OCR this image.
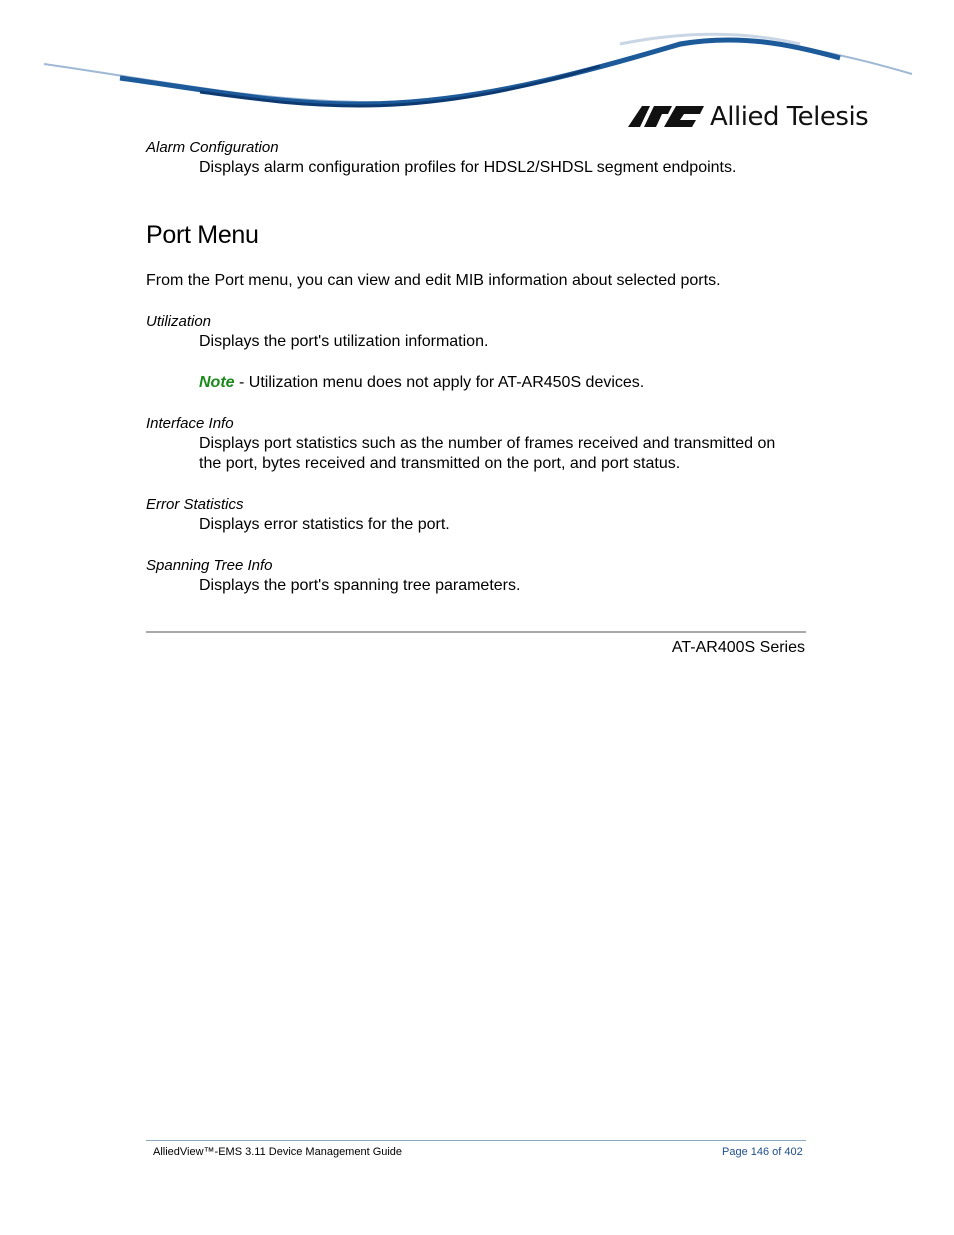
Allied Telesis
Alarm Configuration
Displays alarm configuration profiles for HDSL2/SHDSL segment endpoints.
Port Menu
From the Port menu, you can view and edit MIB information about selected ports.
Utilization
Displays the port's utilization information.
Note - Utilization menu does not apply for AT-AR450S devices.
Interface Info
Displays port statistics such as the number of frames received and transmitted on the port, bytes received and transmitted on the port, and port status.
Error Statistics
Displays error statistics for the port.
Spanning Tree Info
Displays the port's spanning tree parameters.
AT-AR400S Series
AlliedView™-EMS 3.11 Device Management Guide	Page 146 of 402
